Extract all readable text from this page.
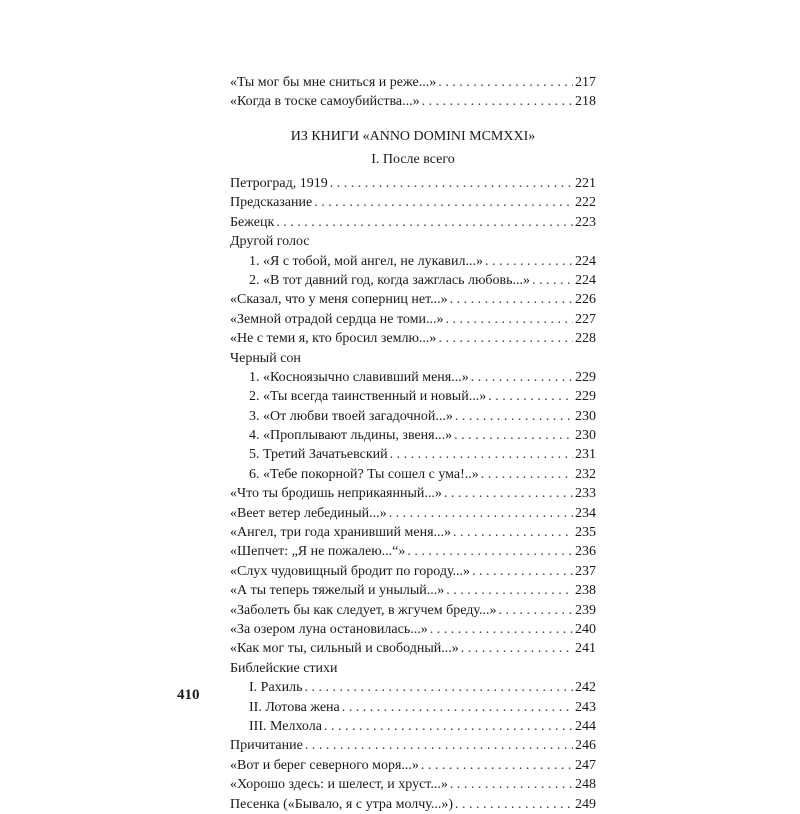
«Ты мог бы мне сниться и реже...» . . .	217
«Когда в тоске самоубийства...» . . .	218
ИЗ КНИГИ «ANNO DOMINI MCMXXI»
I. После всего
Петроград, 1919 . . .	221
Предсказание . . .	222
Бежецк . . .	223
Другой голос
1. «Я с тобой, мой ангел, не лукавил...» . . .	224
2. «В тот давний год, когда зажглась любовь...» . . .	224
«Сказал, что у меня соперниц нет...» . . .	226
«Земной отрадой сердца не томи...» . . .	227
«Не с теми я, кто бросил землю...» . . .	228
Черный сон
1. «Косноязычно славивший меня...» . . .	229
2. «Ты всегда таинственный и новый...» . . .	229
3. «От любви твоей загадочной...» . . .	230
4. «Проплывают льдины, звеня...» . . .	230
5. Третий Зачатьевский . . .	231
6. «Тебе покорной? Ты сошел с ума!..» . . .	232
«Что ты бродишь неприкаянный...» . . .	233
«Веет ветер лебединый...» . . .	234
«Ангел, три года хранивший меня...» . . .	235
«Шепчет: „Я не пожалею...“» . . .	236
«Слух чудовищный бродит по городу...» . . .	237
«А ты теперь тяжелый и унылый...» . . .	238
«Заболеть бы как следует, в жгучем бреду...» . . .	239
«За озером луна остановилась...» . . .	240
«Как мог ты, сильный и свободный...» . . .	241
Библейские стихи
I. Рахиль . . .	242
II. Лотова жена . . .	243
III. Мелхола . . .	244
Причитание . . .	246
«Вот и берег северного моря...» . . .	247
«Хорошо здесь: и шелест, и хруст...» . . .	248
Песенка («Бывало, я с утра молчу...») . . .	249
410
